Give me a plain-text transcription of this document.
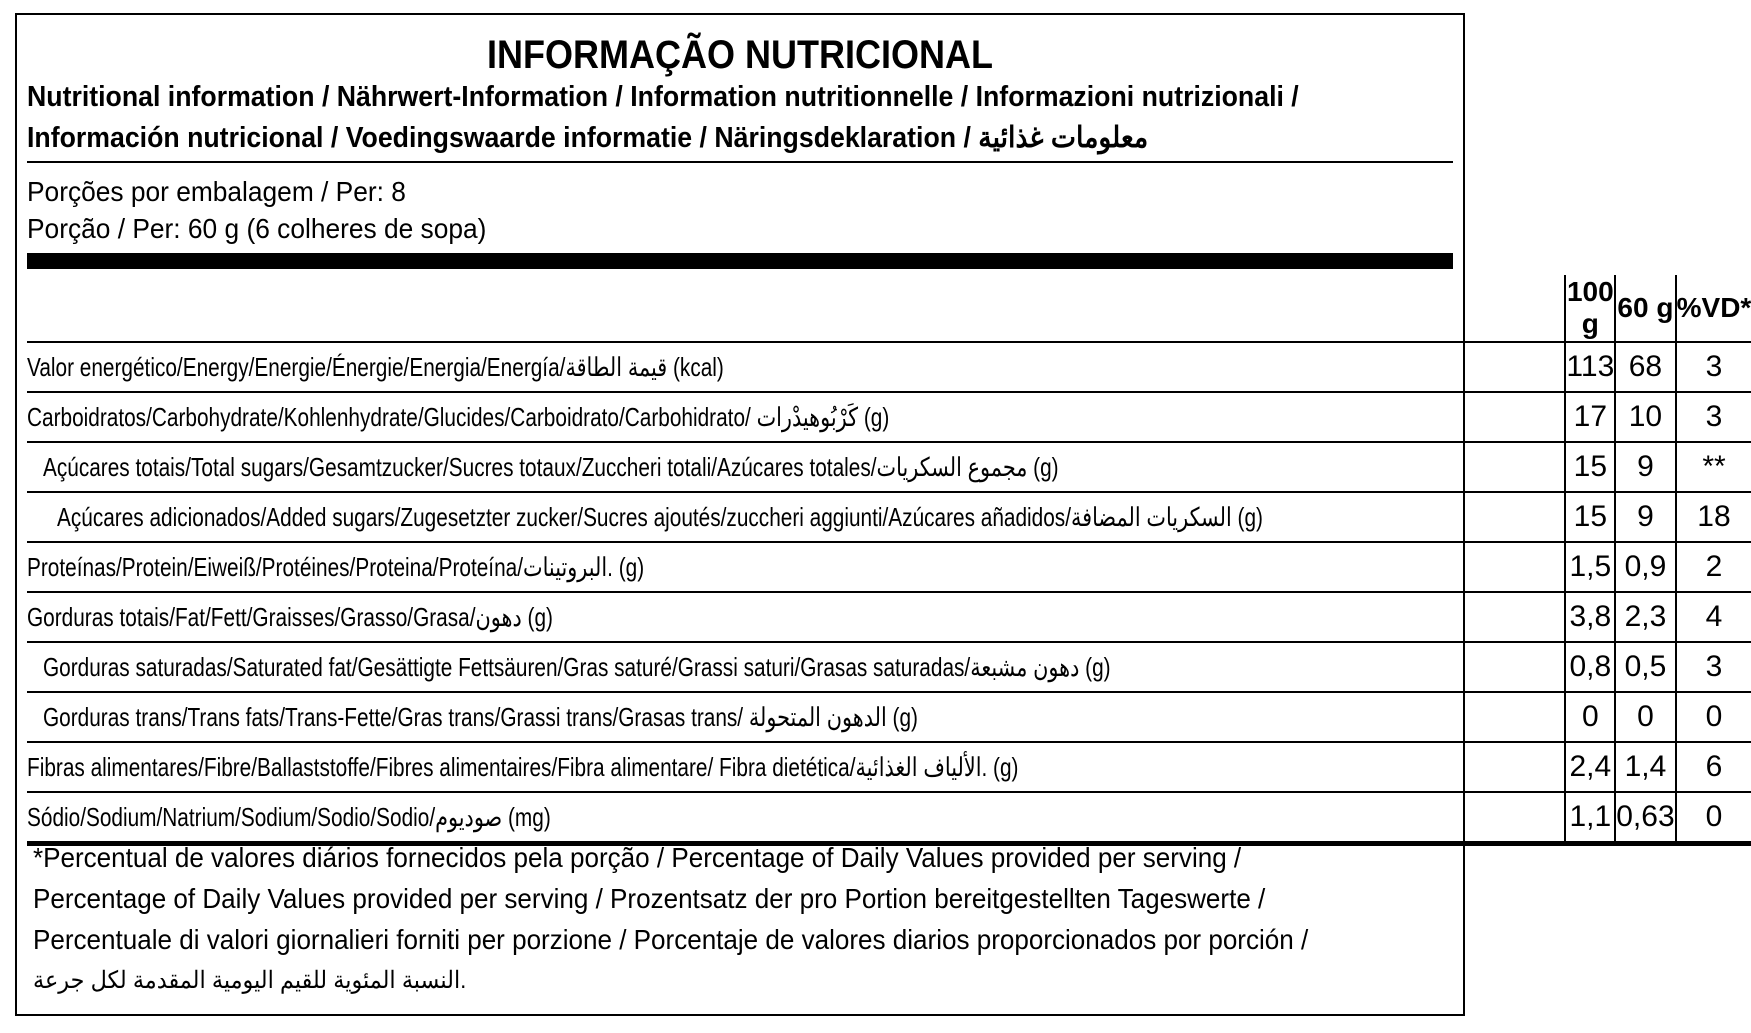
INFORMAÇÃO NUTRICIONAL
Nutritional information / Nährwert-Information / Information nutritionnelle / Informazioni nutrizionali /
Información nutricional / Voedingswaarde informatie / Näringsdeklaration / معلومات غذائية
Porções por embalagem / Per: 8
Porção / Per: 60 g (6 colheres de sopa)
	100 g	60 g	%VD*
Valor energético/Energy/Energie/Énergie/Energia/Energía/قيمة الطاقة (kcal)	113	68	3
Carboidratos/Carbohydrate/Kohlenhydrate/Glucides/Carboidrato/Carbohidrato/ كَرْبُوهيدْرات (g)	17	10	3
Açúcares totais/Total sugars/Gesamtzucker/Sucres totaux/Zuccheri totali/Azúcares totales/مجموع السكريات (g)	15	9	**
Açúcares adicionados/Added sugars/Zugesetzter zucker/Sucres ajoutés/zuccheri aggiunti/Azúcares añadidos/السكريات المضافة (g)	15	9	18
Proteínas/Protein/Eiweiß/Protéines/Proteina/Proteína/البروتينات. (g)	1,5	0,9	2
Gorduras totais/Fat/Fett/Graisses/Grasso/Grasa/دهون (g)	3,8	2,3	4
Gorduras saturadas/Saturated fat/Gesättigte Fettsäuren/Gras saturé/Grassi saturi/Grasas saturadas/دهون مشبعة (g)	0,8	0,5	3
Gorduras trans/Trans fats/Trans-Fette/Gras trans/Grassi trans/Grasas trans/ الدهون المتحولة (g)	0	0	0
Fibras alimentares/Fibre/Ballaststoffe/Fibres alimentaires/Fibra alimentare/ Fibra dietética/الألياف الغذائية. (g)	2,4	1,4	6
Sódio/Sodium/Natrium/Sodium/Sodio/Sodio/صوديوم (mg)	1,1	0,63	0
*Percentual de valores diários fornecidos pela porção / Percentage of Daily Values provided per serving /
Percentage of Daily Values provided per serving / Prozentsatz der pro Portion bereitgestellten Tageswerte /
Percentuale di valori giornalieri forniti per porzione / Porcentaje de valores diarios proporcionados por porción /
النسبة المئوية للقيم اليومية المقدمة لكل جرعة.
